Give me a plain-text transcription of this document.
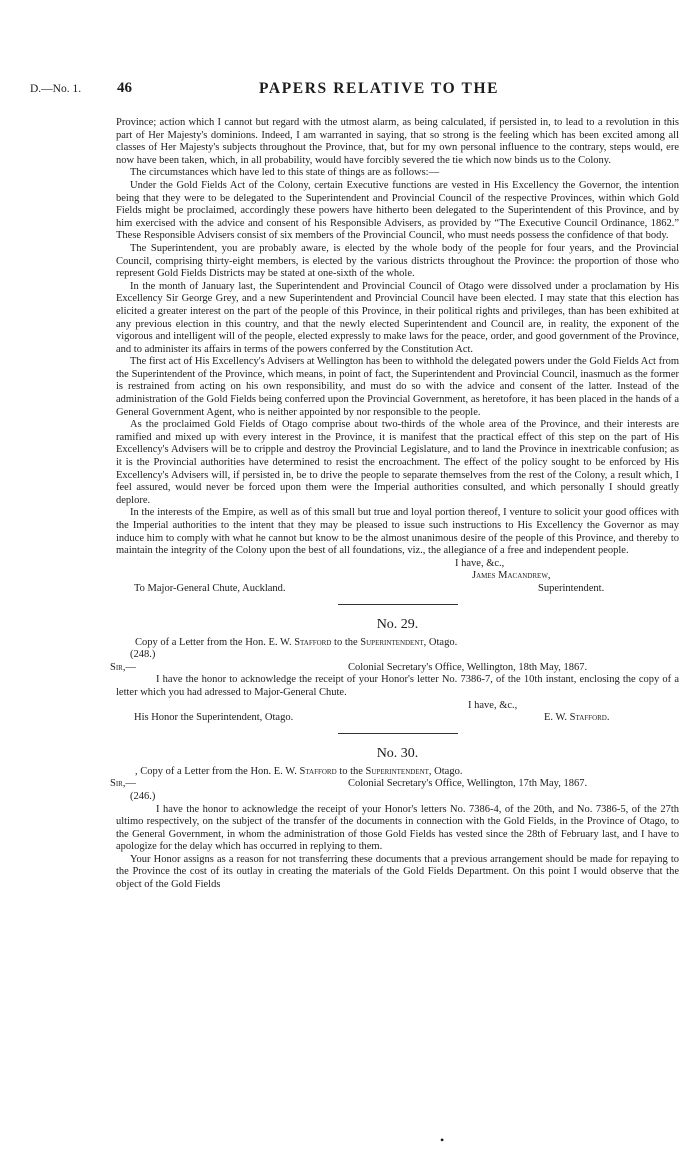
D.—No. 1. 46	PAPERS RELATIVE TO THE

Province; action which I cannot but regard with the utmost alarm, as being calculated, if persisted in, to lead to a revolution in this part of Her Majesty's dominions. Indeed, I am warranted in saying, that so strong is the feeling which has been excited among all classes of Her Majesty's subjects throughout the Province, that, but for my own personal influence to the contrary, steps would, ere now have been taken, which, in all probability, would have forcibly severed the tie which now binds us to the Colony.

The circumstances which have led to this state of things are as follows:—

Under the Gold Fields Act of the Colony, certain Executive functions are vested in His Excellency the Governor, the intention being that they were to be delegated to the Superintendent and Provincial Council of the respective Provinces, within which Gold Fields might be proclaimed, accordingly these powers have hitherto been delegated to the Superintendent of this Province, and by him exercised with the advice and consent of his Responsible Advisers, as provided by “The Executive Council Ordinance, 1862.” These Responsible Advisers consist of six members of the Provincial Council, who must needs possess the confidence of that body.

The Superintendent, you are probably aware, is elected by the whole body of the people for four years, and the Provincial Council, comprising thirty-eight members, is elected by the various districts throughout the Province: the proportion of those who represent Gold Fields Districts may be stated at one-sixth of the whole.

In the month of January last, the Superintendent and Provincial Council of Otago were dissolved under a proclamation by His Excellency Sir George Grey, and a new Superintendent and Provincial Council have been elected. I may state that this election has elicited a greater interest on the part of the people of this Province, in their political rights and privileges, than has been exhibited at any previous election in this country, and that the newly elected Superintendent and Council are, in reality, the exponent of the vigorous and intelligent will of the people, elected expressly to make laws for the peace, order, and good government of the Province, and to administer its affairs in terms of the powers conferred by the Constitution Act.

The first act of His Excellency's Advisers at Wellington has been to withhold the delegated powers under the Gold Fields Act from the Superintendent of the Province, which means, in point of fact, the Superintendent and Provincial Council, inasmuch as the former is restrained from acting on his own responsibility, and must do so with the advice and consent of the latter. Instead of the administration of the Gold Fields being conferred upon the Provincial Government, as heretofore, it has been placed in the hands of a General Government Agent, who is neither appointed by nor responsible to the people.

As the proclaimed Gold Fields of Otago comprise about two-thirds of the whole area of the Province, and their interests are ramified and mixed up with every interest in the Province, it is manifest that the practical effect of this step on the part of His Excellency's Advisers will be to cripple and destroy the Provincial Legislature, and to land the Province in inextricable confusion; as it is the Provincial authorities have determined to resist the encroachment. The effect of the policy sought to be enforced by His Excellency's Advisers will, if persisted in, be to drive the people to separate themselves from the rest of the Colony, a result which, I feel assured, would never be forced upon them were the Imperial authorities consulted, and which personally I should greatly deplore.

In the interests of the Empire, as well as of this small but true and loyal portion thereof, I venture to solicit your good offices with the Imperial authorities to the intent that they may be pleased to issue such instructions to His Excellency the Governor as may induce him to comply with what he cannot but know to be the almost unanimous desire of the people of this Province, and thereby to maintain the integrity of the Colony upon the best of all foundations, viz., the allegiance of a free and independent people.

I have, &c.,
James Macandrew,
To Major-General Chute, Auckland.	Superintendent.
No. 29.

Copy of a Letter from the Hon. E. W. Stafford to the Superintendent, Otago.

(248.)

Sir,—	Colonial Secretary's Office, Wellington, 18th May, 1867.

I have the honor to acknowledge the receipt of your Honor's letter No. 7386-7, of the 10th instant, enclosing the copy of a letter which you had adressed to Major-General Chute.

I have, &c.,
His Honor the Superintendent, Otago.	E. W. Stafford.
No. 30.

, Copy of a Letter from the Hon. E. W. Stafford to the Superintendent, Otago.

Sir,—	Colonial Secretary's Office, Wellington, 17th May, 1867.

(246.)

I have the honor to acknowledge the receipt of your Honor's letters No. 7386-4, of the 20th, and No. 7386-5, of the 27th ultimo respectively, on the subject of the transfer of the documents in connection with the Gold Fields, in the Province of Otago, to the General Government, in whom the administration of those Gold Fields has vested since the 28th of February last, and I have to apologize for the delay which has occurred in replying to them.

Your Honor assigns as a reason for not transferring these documents that a previous arrangement should be made for repaying to the Province the cost of its outlay in creating the materials of the Gold Fields Department. On this point I would observe that the object of the Gold Fields

•
